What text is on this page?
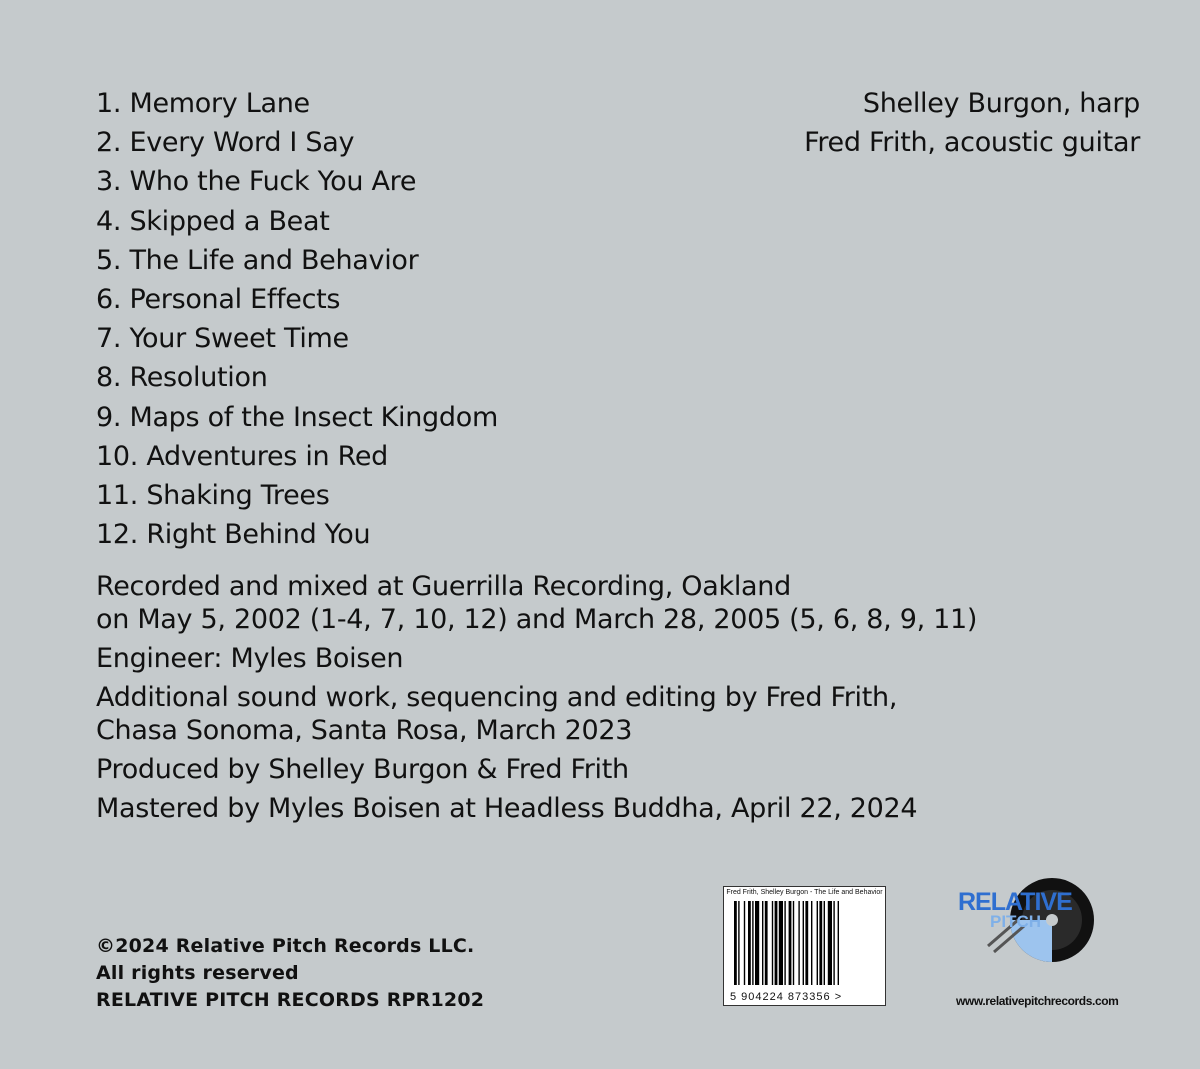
1. Memory Lane
2. Every Word I Say
3. Who the Fuck You Are
4. Skipped a Beat
5. The Life and Behavior
6. Personal Effects
7. Your Sweet Time
8. Resolution
9. Maps of the Insect Kingdom
10. Adventures in Red
11. Shaking Trees
12. Right Behind You
Shelley Burgon, harp
Fred Frith, acoustic guitar
Recorded and mixed at Guerrilla Recording, Oakland
on May 5, 2002 (1-4, 7, 10, 12) and March 28, 2005 (5, 6, 8, 9, 11)
Engineer: Myles Boisen
Additional sound work, sequencing and editing by Fred Frith,
Chasa Sonoma, Santa Rosa, March 2023
Produced by Shelley Burgon & Fred Frith
Mastered by Myles Boisen at Headless Buddha, April 22, 2024
©2024 Relative Pitch Records LLC.
All rights reserved
RELATIVE PITCH RECORDS RPR1202
Fred Frith, Shelley Burgon - The Life and Behavior
5 904224 873356 >
RELATIVE
PITCH
www.relativepitchrecords.com
